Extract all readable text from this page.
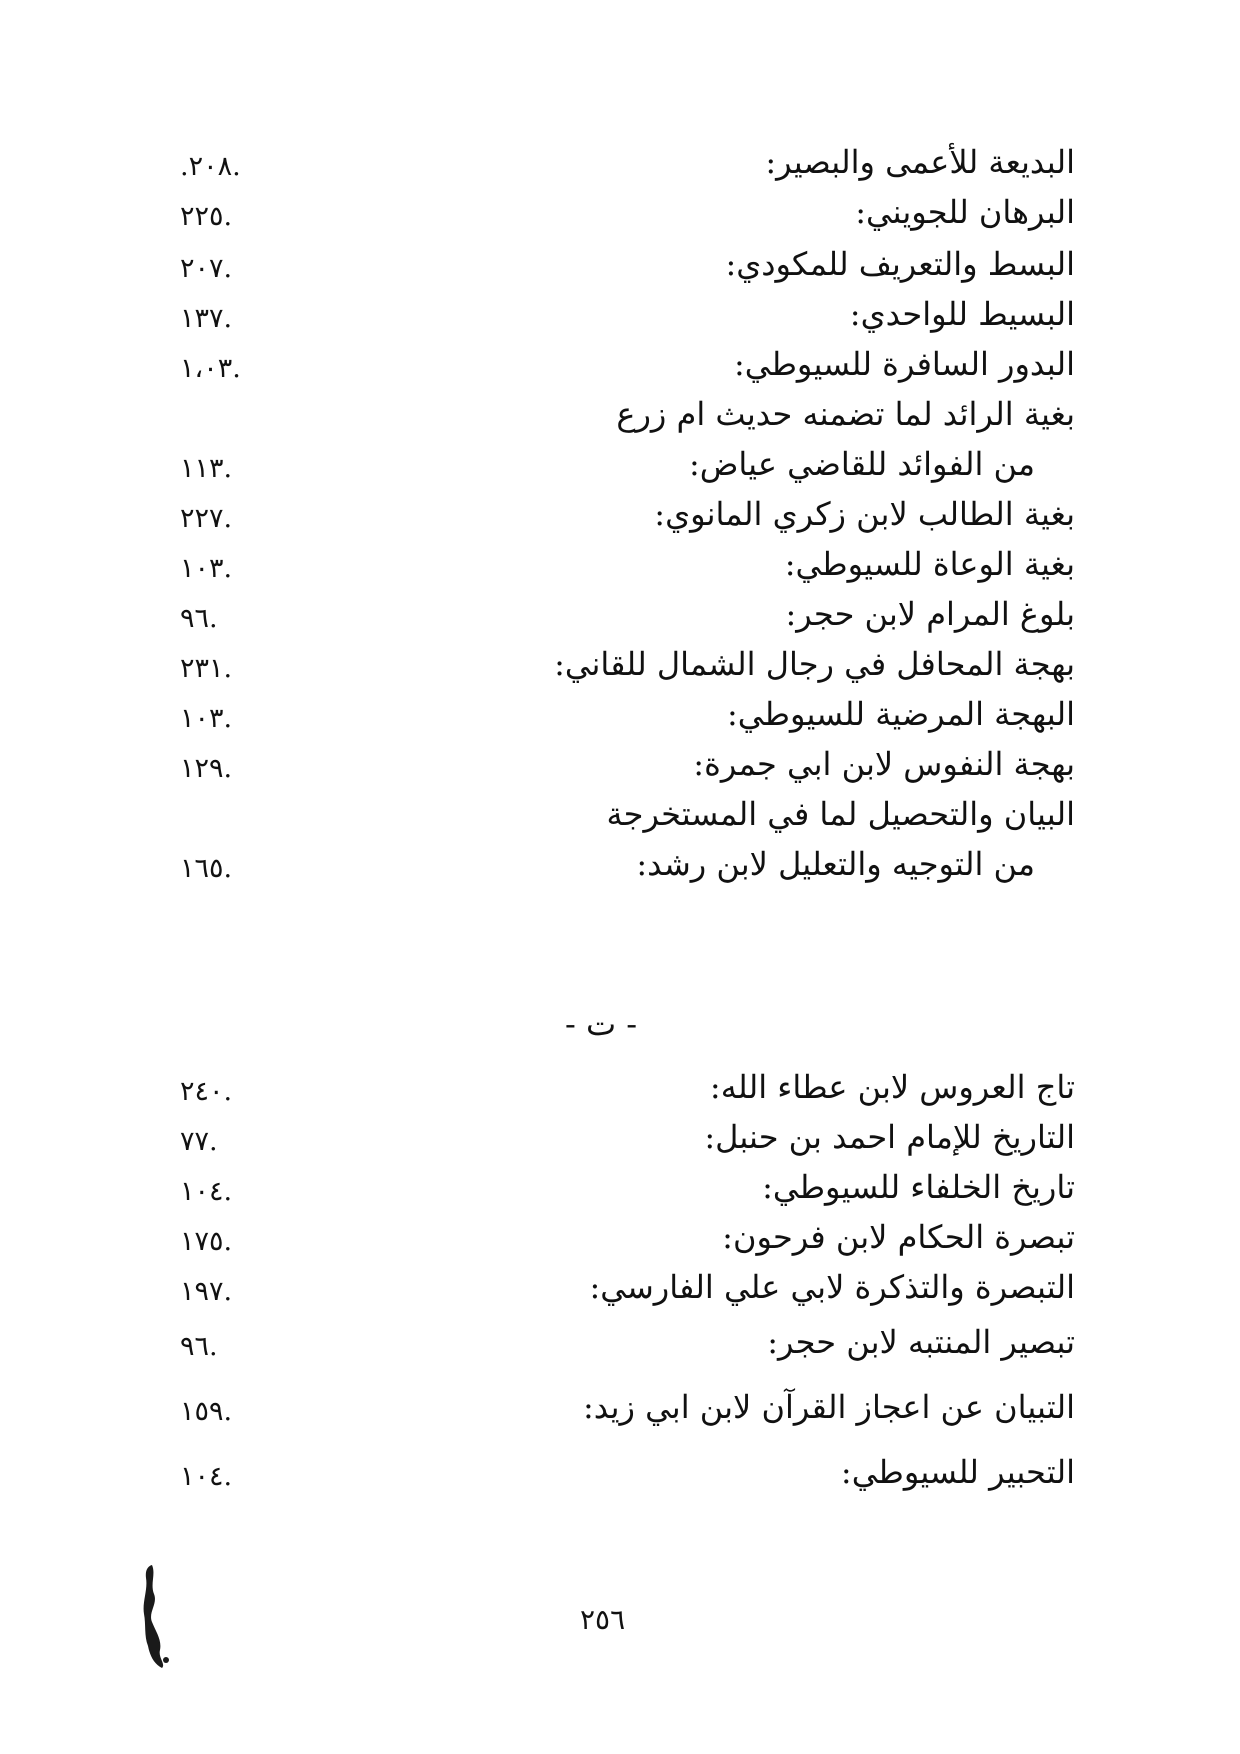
البديعة للأعمى والبصير:
.٢٠٨.
البرهان للجويني:
.٢٢٥
البسط والتعريف للمكودي:
.٢٠٧
البسيط للواحدي:
.١٣٧
البدور السافرة للسيوطي:
.١،٠٣
بغية الرائد لما تضمنه حديث ام زرع
من الفوائد للقاضي عياض:
.١١٣
بغية الطالب لابن زكري المانوي:
.٢٢٧
بغية الوعاة للسيوطي:
.١٠٣
بلوغ المرام لابن حجر:
.٩٦
بهجة المحافل في رجال الشمال للقاني:
.٢٣١
البهجة المرضية للسيوطي:
.١٠٣
بهجة النفوس لابن ابي جمرة:
.١٢٩
البيان والتحصيل لما في المستخرجة
من التوجيه والتعليل لابن رشد:
.١٦٥
- ت -
تاج العروس لابن عطاء الله:
.٢٤٠
التاريخ للإمام احمد بن حنبل:
.٧٧
تاريخ الخلفاء للسيوطي:
.١٠٤
تبصرة الحكام لابن فرحون:
.١٧٥
التبصرة والتذكرة لابي علي الفارسي:
.١٩٧
تبصير المنتبه لابن حجر:
.٩٦
التبيان عن اعجاز القرآن لابن ابي زيد:
.١٥٩
التحبير للسيوطي:
.١٠٤
٢٥٦
